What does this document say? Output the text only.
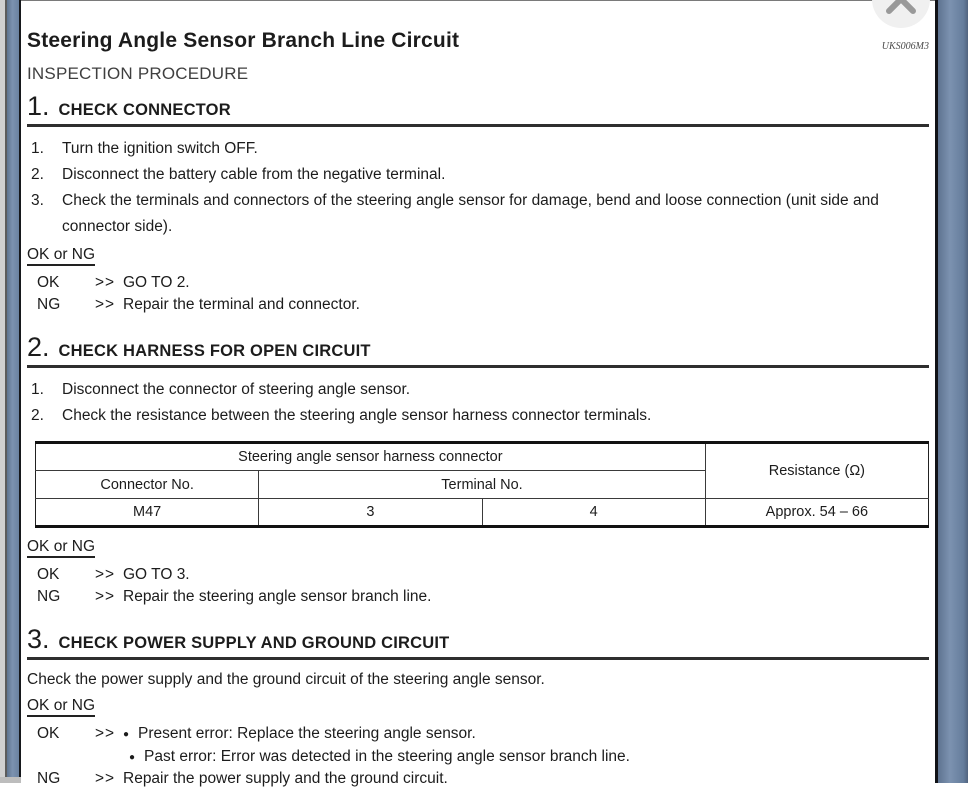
Steering Angle Sensor Branch Line Circuit	UKS006M3
INSPECTION PROCEDURE
1. CHECK CONNECTOR
1.	Turn the ignition switch OFF.
2.	Disconnect the battery cable from the negative terminal.
3.	Check the terminals and connectors of the steering angle sensor for damage, bend and loose connection (unit side and connector side).
OK or NG
OK	>> GO TO 2.
NG	>> Repair the terminal and connector.
2. CHECK HARNESS FOR OPEN CIRCUIT
1.	Disconnect the connector of steering angle sensor.
2.	Check the resistance between the steering angle sensor harness connector terminals.
Steering angle sensor harness connector			Resistance (Ω)
Connector No.	Terminal No.		
M47	3	4	Approx. 54 – 66
OK or NG
OK	>> GO TO 3.
NG	>> Repair the steering angle sensor branch line.
3. CHECK POWER SUPPLY AND GROUND CIRCUIT
Check the power supply and the ground circuit of the steering angle sensor.
OK or NG
OK	>> ● Present error: Replace the steering angle sensor.
● Past error: Error was detected in the steering angle sensor branch line.
NG	>> Repair the power supply and the ground circuit.
